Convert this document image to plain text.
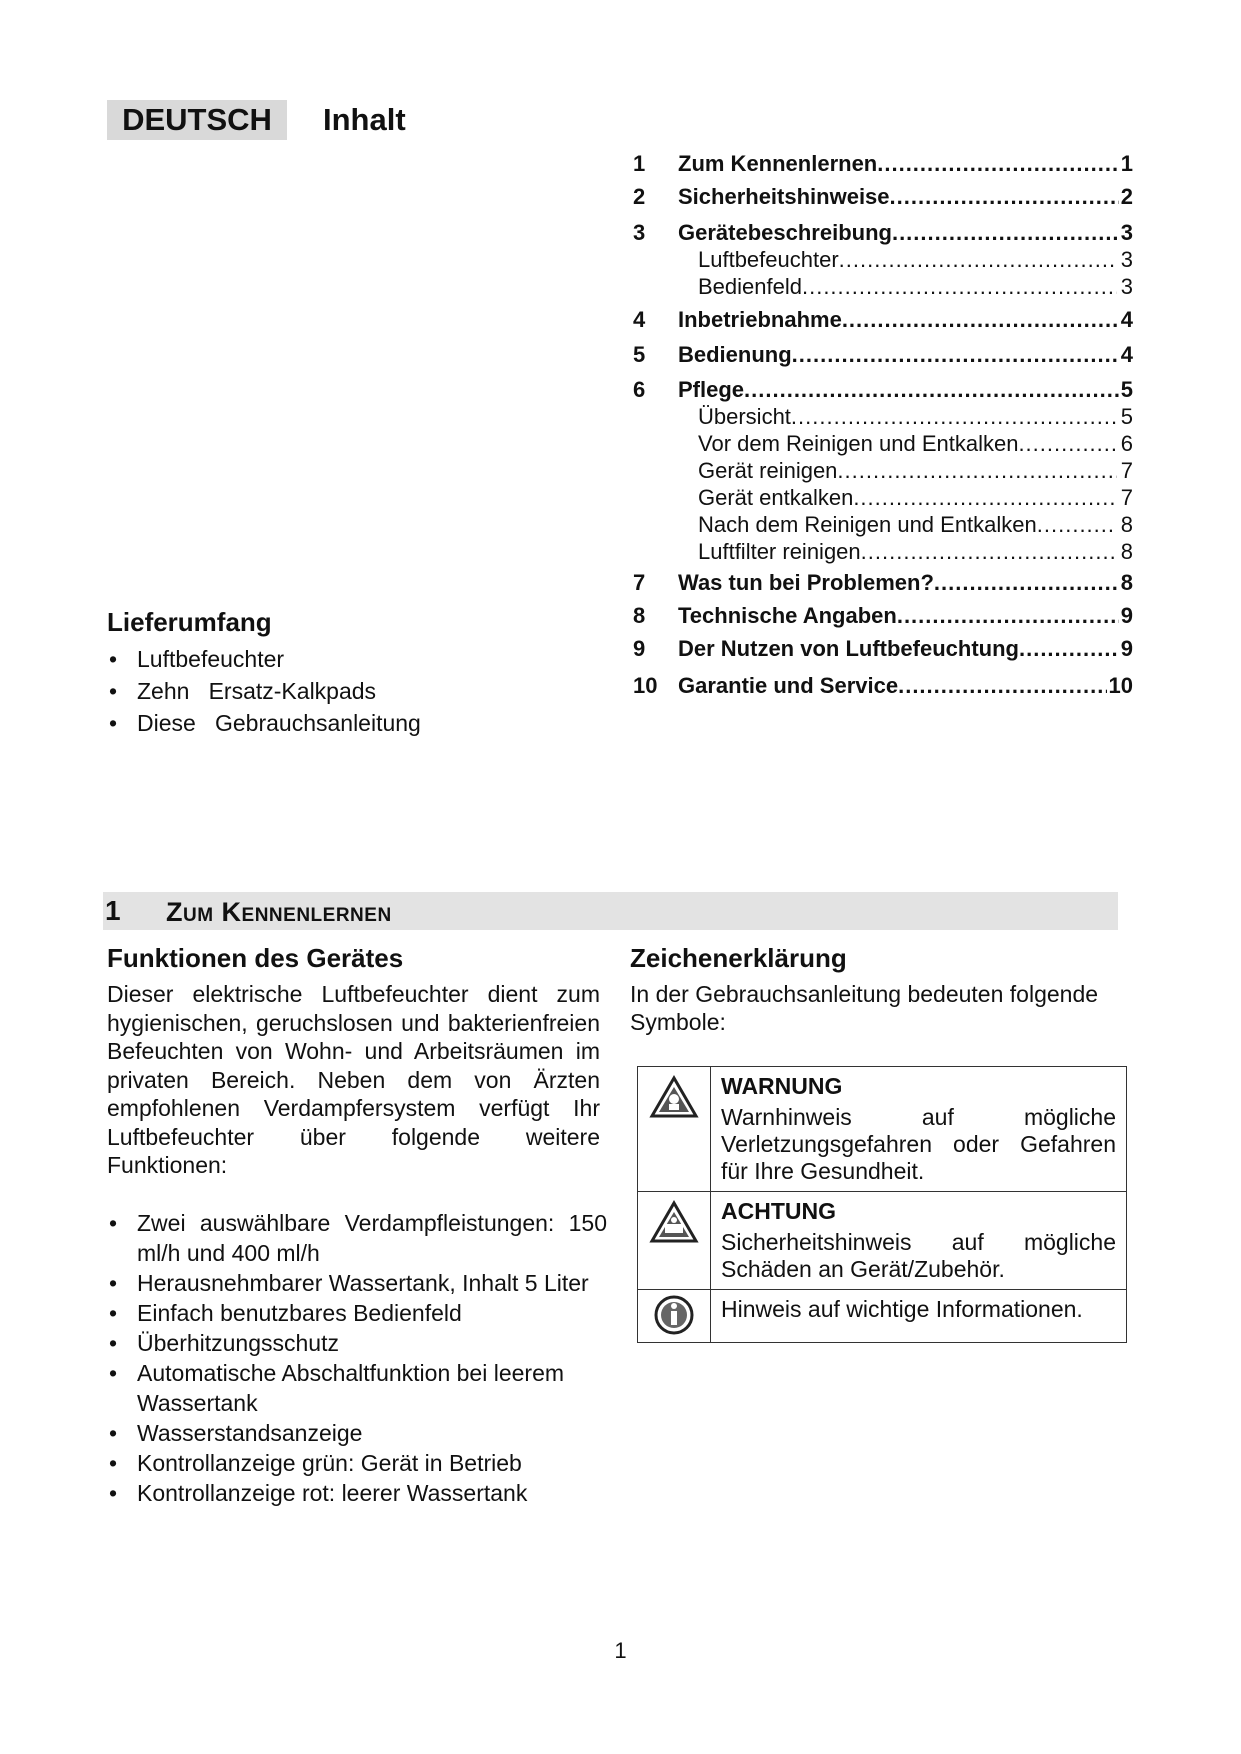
DEUTSCH	Inhalt
1	Zum Kennenlernen .....	1
2	Sicherheitshinweise .....	2
3	Gerätebeschreibung .....	3
Luftbefeuchter .....	3
Bedienfeld .....	3
4	Inbetriebnahme .....	4
5	Bedienung .....	4
6	Pflege .....	5
Übersicht .....	5
Vor dem Reinigen und Entkalken .....	6
Gerät reinigen .....	7
Gerät entkalken .....	7
Nach dem Reinigen und Entkalken .....	8
Luftfilter reinigen .....	8
7	Was tun bei Problemen? .....	8
8	Technische Angaben .....	9
9	Der Nutzen von Luftbefeuchtung .....	9
10 Garantie und Service .....	10
Lieferumfang
• Luftbefeuchter
• Zehn   Ersatz-Kalkpads
• Diese   Gebrauchsanleitung
1 Zum Kennenlernen
Funktionen des Gerätes
Dieser elektrische Luftbefeuchter dient zum hygienischen, geruchslosen und bakterienfreien Befeuchten von Wohn- und Arbeitsräumen im privaten Bereich. Neben dem von Ärzten empfohlenen Verdampfersystem verfügt Ihr Luftbefeuchter über folgende weitere Funktionen:
• Zwei auswählbare Verdampfleistungen: 150 ml/h und 400 ml/h
• Herausnehmbarer Wassertank, Inhalt 5 Liter
• Einfach benutzbares Bedienfeld
• Überhitzungsschutz
• Automatische Abschaltfunktion bei leerem Wassertank
• Wasserstandsanzeige
• Kontrollanzeige grün: Gerät in Betrieb
• Kontrollanzeige rot: leerer Wassertank
Zeichenerklärung
In der Gebrauchsanleitung bedeuten folgende Symbole:

WARNUNG
Warnhinweis auf mögliche Verletzungsgefahren oder Gefahren für Ihre Gesundheit.

ACHTUNG
Sicherheitshinweis auf mögliche Schäden an Gerät/Zubehör.

Hinweis auf wichtige Informationen.
1
